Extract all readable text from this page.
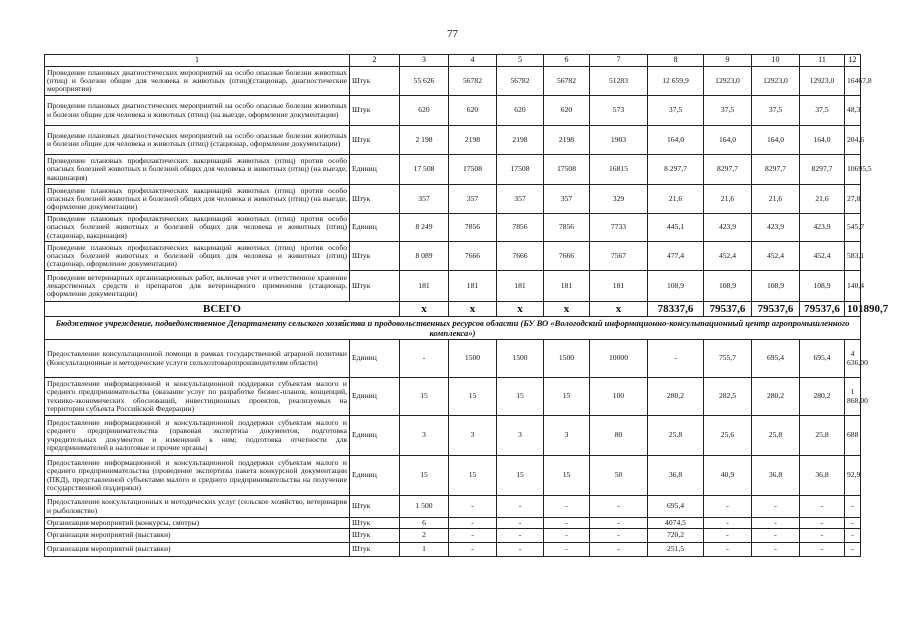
77
1	2	3	4	5	6	7	8	9	10	11	12
Проведение плановых диагностических мероприятий на особо опасные болезни животных (птиц) и болезни общие для человека и животных (птиц)(стационар, диагностические мероприятия)	Штук	55 626	56782	56782	56782	51283	12 659,9	12923,0	12923,0	12923,0	16467,8
Проведение плановых диагностических мероприятий на особо опасные болезни животных и болезни общие для человека и животных (птиц) (на выезде, оформление документации)	Штук	620	620	620	620	573	37,5	37,5	37,5	37,5	48,3
Проведение плановых диагностических мероприятий на особо опасные болезни животных и болезни общие для человека и животных (птиц) (стационар, оформление документации)	Штук	2 198	2198	2198	2198	1903	164,0	164,0	164,0	164,0	204,6
Проведение плановых профилактических вакцинаций животных (птиц) против особо опасных болезней животных и болезней общих для человека и животных (птиц) (на выезде, вакцинация)	Единиц	17 508	17508	17508	17508	16815	8 297,7	8297,7	8297,7	8297,7	10695,5
Проведение плановых профилактических вакцинаций животных (птиц) против особо опасных болезней животных и болезней общих для человека и животных (птиц) (на выезде, оформление документации)	Штук	357	357	357	357	329	21,6	21,6	21,6	21,6	27,8
Проведение плановых профилактических вакцинаций животных (птиц) против особо опасных болезней животных и болезней общих для человека и животных (птиц) (стационар, вакцинация)	Единиц	8 249	7856	7856	7856	7733	445,1	423,9	423,9	423,9	545,7
Проведение плановых профилактических вакцинаций животных (птиц) против особо опасных болезней животных и болезней общих для человека и животных (птиц) (стационар, оформление документации)	Штук	8 089	7666	7666	7666	7567	477,4	452,4	452,4	452,4	583,1
Проведение ветеринарных организационных работ, включая учет и ответственное хранение лекарственных средств и препаратов для ветеринарного применения (стационар, оформление документации)	Штук	181	181	181	181	181	108,9	108,9	108,9	108,9	140,4
ВСЕГО		х	х	х	х	х	78337,6	79537,6	79537,6	79537,6	101890,7
Бюджетное учреждение, подведомственное Департаменту сельского хозяйства и продовольственных ресурсов области (БУ ВО «Вологодский информационно-консультационный центр агропромышленного комплекса»)											
Предоставление консультационной помощи в рамках государственной аграрной политики (Консультационные и методические услуги сельхозтоваропроизводителям области)	Единиц	-	1500	1500	1500	10000	-	755,7	695,4	695,4	4 636,00
Предоставление информационной и консультационной поддержки субъектам малого и среднего предпринимательства (оказание услуг по разработке бизнес-планов, концепций, технико-экономических обоснований, инвестиционных проектов, реализуемых на территории субъекта Российской Федерации)	Единиц	15	15	15	15	100	280,2	282,5	280,2	280,2	1 868,00
Предоставление информационной и консультационной поддержки субъектам малого и среднего предпринимательства (правовая экспертиза документов, подготовка учредительных документов и изменений к ним; подготовка отчетности для предпринимателей в налоговые и прочие органы)	Единиц	3	3	3	3	80	25,8	25,6	25,8	25,8	688
Предоставление информационной и консультационной поддержки субъектам малого и среднего предпринимательства (проведение экспертизы пакета конкурсной документации (ПКД), представленной субъектами малого и среднего предпринимательства на получение государственной поддержки)	Единиц	15	15	15	15	50	36,8	40,9	36,8	36,8	92,9
Предоставление консультационных и методических услуг (сельское хозяйство, ветеринария и рыболовство)	Штук	1 500	-	-	-	-	695,4	-	-	-	-
Организация мероприятий (конкурсы, смотры)	Штук	6	-	-	-	-	4074,5	-	-	-	-
Организация мероприятий (выставки)	Штук	2	-	-	-	-	720,2	-	-	-	-
Организация мероприятий (выставки)	Штук	1	-	-	-	-	251,5	-	-	-	-
